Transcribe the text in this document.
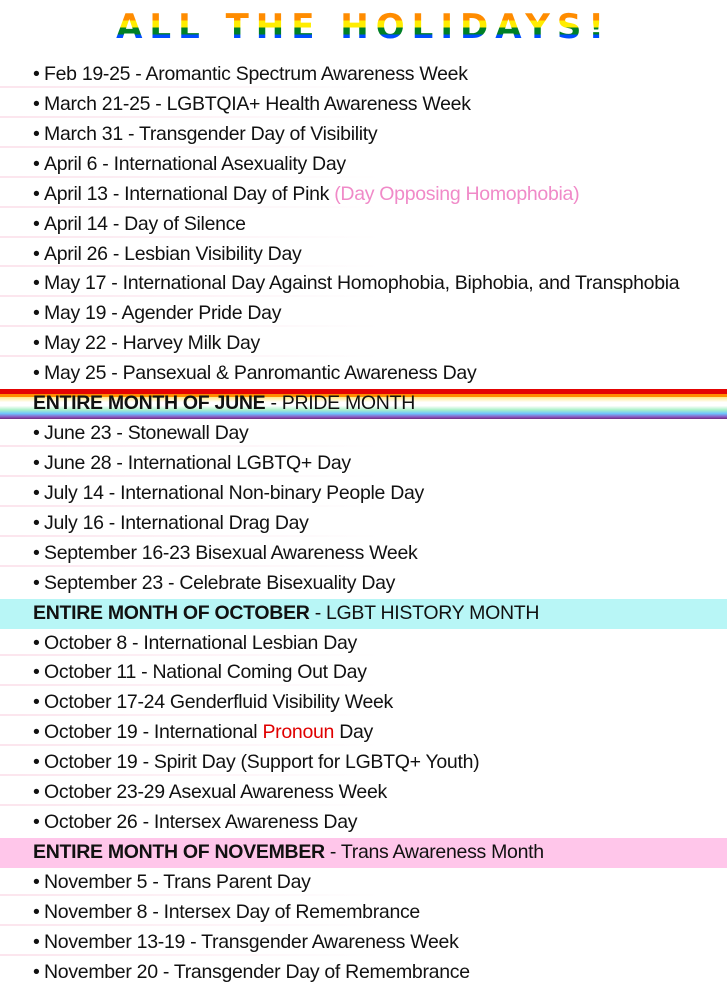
ALL THE HOLIDAYS!
• Feb 19-25 - Aromantic Spectrum Awareness Week
• March 21-25 - LGBTQIA+ Health Awareness Week
• March 31 - Transgender Day of Visibility
• April 6 - International Asexuality Day
• April 13 - International Day of Pink (Day Opposing Homophobia)
• April 14 - Day of Silence
• April 26 - Lesbian Visibility Day
• May 17 - International Day Against Homophobia, Biphobia, and Transphobia
• May 19 - Agender Pride Day
• May 22 - Harvey Milk Day
• May 25 - Pansexual & Panromantic Awareness Day
ENTIRE MONTH OF JUNE - PRIDE MONTH
• June 23 - Stonewall Day
• June 28 - International LGBTQ+ Day
• July 14 - International Non-binary People Day
• July 16 - International Drag Day
• September 16-23 Bisexual Awareness Week
• September 23 - Celebrate Bisexuality Day
ENTIRE MONTH OF OCTOBER - LGBT HISTORY MONTH
• October 8 - International Lesbian Day
• October 11 - National Coming Out Day
• October 17-24 Genderfluid Visibility Week
• October 19 - International Pronoun Day
• October 19 - Spirit Day (Support for LGBTQ+ Youth)
• October 23-29 Asexual Awareness Week
• October 26 - Intersex Awareness Day
ENTIRE MONTH OF NOVEMBER - Trans Awareness Month
• November 5 - Trans Parent Day
• November 8 - Intersex Day of Remembrance
• November 13-19 - Transgender Awareness Week
• November 20 - Transgender Day of Remembrance
